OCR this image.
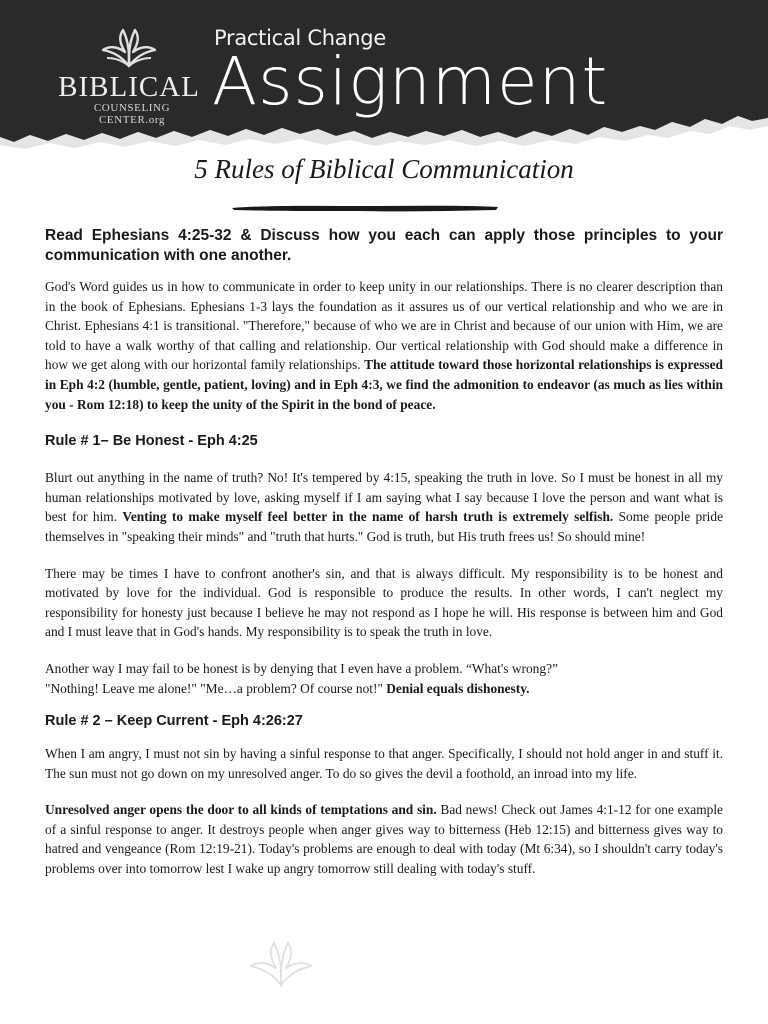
BIBLICAL
COUNSELING CENTER.org
Practical Change
Assignment
5 Rules of Biblical Communication

Read Ephesians 4:25-32 & Discuss how you each can apply those principles to your communication with one another.

God's Word guides us in how to communicate in order to keep unity in our relationships. There is no clearer description than in the book of Ephesians. Ephesians 1-3 lays the foundation as it assures us of our vertical relationship and who we are in Christ. Ephesians 4:1 is transitional. "Therefore," because of who we are in Christ and because of our union with Him, we are told to have a walk worthy of that calling and relationship. Our vertical relationship with God should make a difference in how we get along with our horizontal family relationships. The attitude toward those horizontal relationships is expressed in Eph 4:2 (humble, gentle, patient, loving) and in Eph 4:3, we find the admonition to endeavor (as much as lies within you - Rom 12:18) to keep the unity of the Spirit in the bond of peace.

Rule # 1– Be Honest - Eph 4:25

Blurt out anything in the name of truth? No! It's tempered by 4:15, speaking the truth in love. So I must be honest in all my human relationships motivated by love, asking myself if I am saying what I say because I love the person and want what is best for him. Venting to make myself feel better in the name of harsh truth is extremely selfish. Some people pride themselves in "speaking their minds" and "truth that hurts." God is truth, but His truth frees us! So should mine!

There may be times I have to confront another's sin, and that is always difficult. My responsibility is to be honest and motivated by love for the individual. God is responsible to produce the results. In other words, I can't neglect my responsibility for honesty just because I believe he may not respond as I hope he will. His response is between him and God and I must leave that in God's hands. My responsibility is to speak the truth in love.

Another way I may fail to be honest is by denying that I even have a problem. “What's wrong?”
"Nothing! Leave me alone!" "Me…a problem? Of course not!" Denial equals dishonesty.

Rule # 2 – Keep Current - Eph 4:26:27

When I am angry, I must not sin by having a sinful response to that anger. Specifically, I should not hold anger in and stuff it. The sun must not go down on my unresolved anger. To do so gives the devil a foothold, an inroad into my life.

Unresolved anger opens the door to all kinds of temptations and sin. Bad news! Check out James 4:1-12 for one example of a sinful response to anger. It destroys people when anger gives way to bitterness (Heb 12:15) and bitterness gives way to hatred and vengeance (Rom 12:19-21). Today's problems are enough to deal with today (Mt 6:34), so I shouldn't carry today's problems over into tomorrow lest I wake up angry tomorrow still dealing with today's stuff.
